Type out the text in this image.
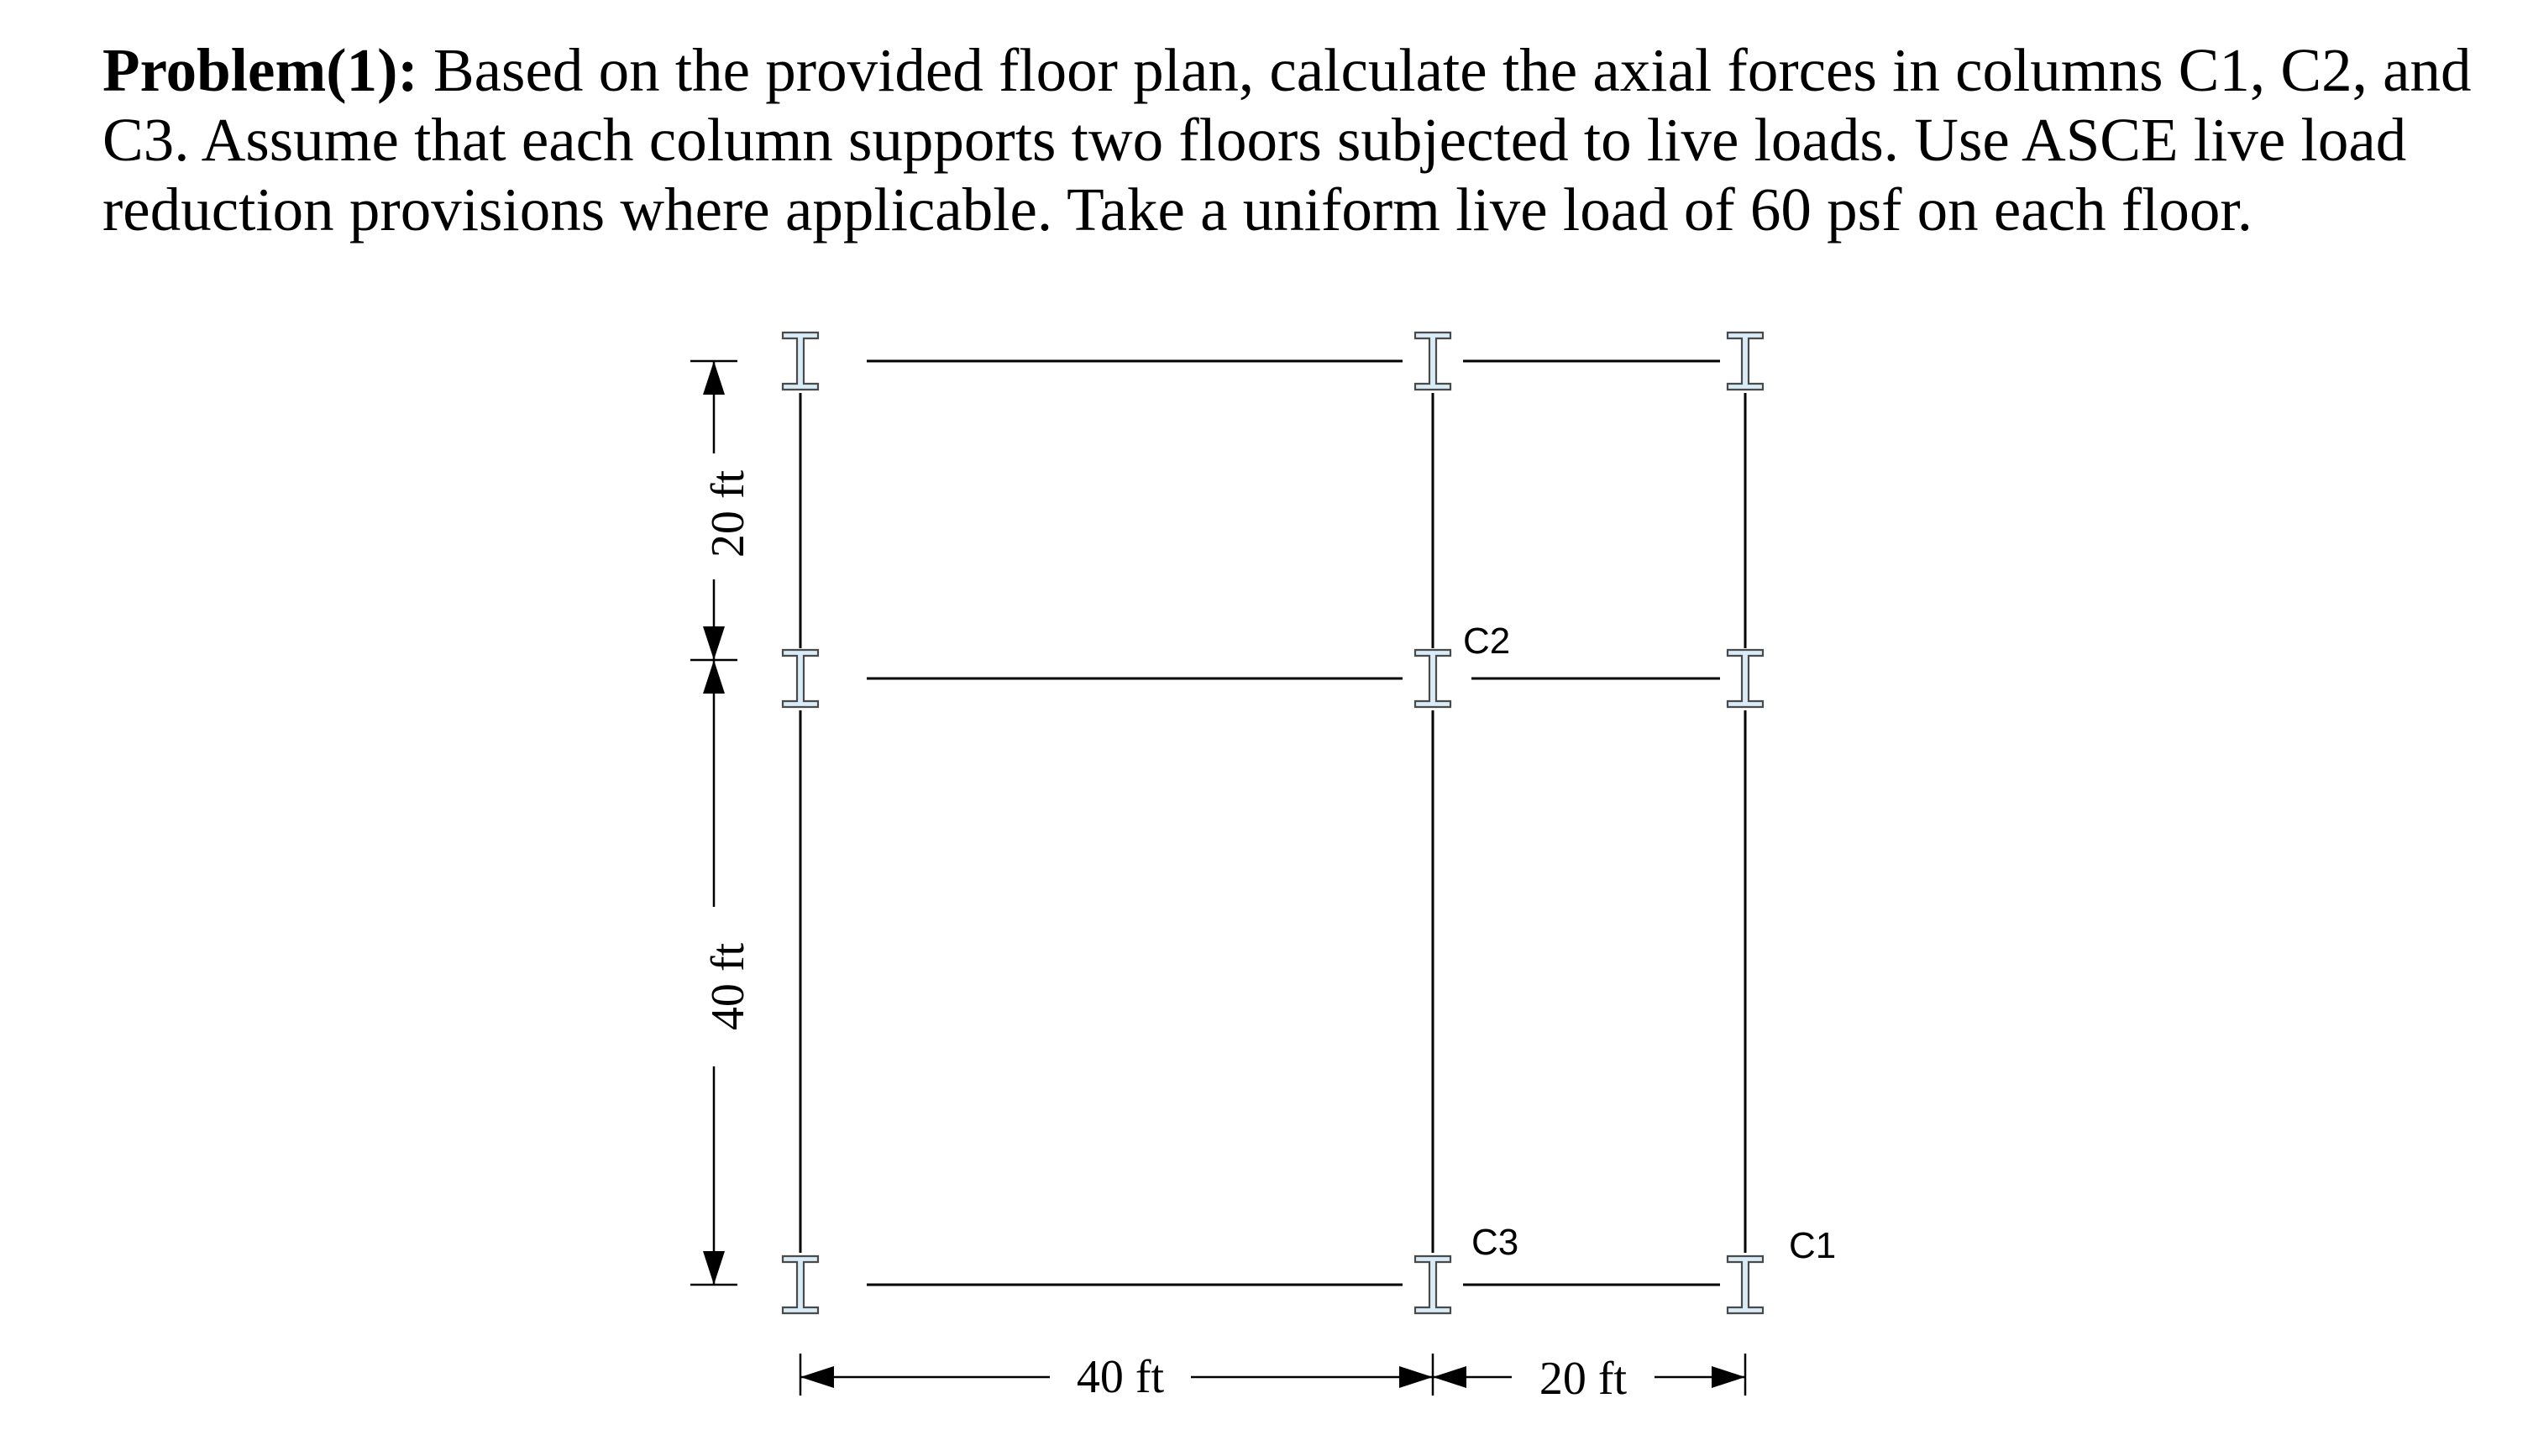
Problem(1): Based on the provided floor plan, calculate the axial forces in columns C1, C2, and
C3. Assume that each column supports two floors subjected to live loads. Use ASCE live load
reduction provisions where applicable. Take a uniform live load of 60 psf on each floor.
C2
C3	C1
40 ft	20 ft
20 ft
40 ft
